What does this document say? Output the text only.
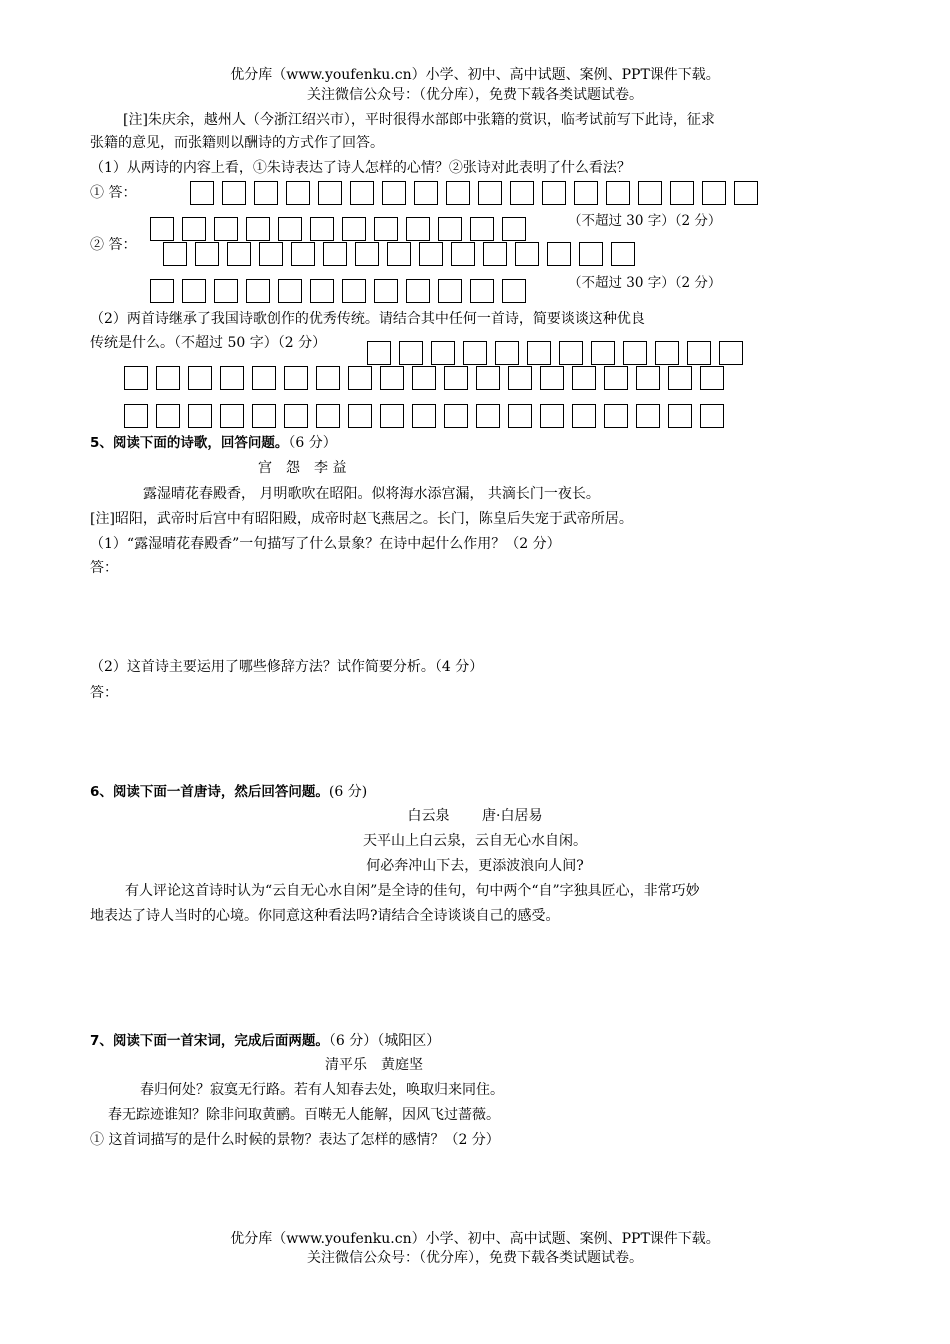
优分库（www.youfenku.cn）小学、初中、高中试题、案例、PPT课件下载。
关注微信公众号：（优分库），免费下载各类试题试卷。
[注]朱庆余，越州人（今浙江绍兴市），平时很得水部郎中张籍的赏识，临考试前写下此诗，征求
张籍的意见，而张籍则以酬诗的方式作了回答。
（1）从两诗的内容上看，①朱诗表达了诗人怎样的心情？②张诗对此表明了什么看法？
① 答：
（不超过 30 字）（2 分）
② 答：
（不超过 30 字）（2 分）
（2）两首诗继承了我国诗歌创作的优秀传统。请结合其中任何一首诗，简要谈谈这种优良
传统是什么。（不超过 50 字）（2 分）
5、阅读下面的诗歌，回答问题。（6 分）
宫　怨　李 益
露湿晴花春殿香， 月明歌吹在昭阳。似将海水添宫漏， 共滴长门一夜长。
[注]昭阳，武帝时后宫中有昭阳殿，成帝时赵飞燕居之。长门，陈皇后失宠于武帝所居。
（1）“露湿晴花春殿香”一句描写了什么景象？在诗中起什么作用？（2 分）
答：
（2）这首诗主要运用了哪些修辞方法？试作简要分析。（4 分）
答：
6、阅读下面一首唐诗，然后回答问题。(6 分)
白云泉　　 唐·白居易
天平山上白云泉，云自无心水自闲。
何必奔冲山下去，更添波浪向人间?
有人评论这首诗时认为“云自无心水自闲”是全诗的佳句，句中两个“自”字独具匠心，非常巧妙
地表达了诗人当时的心境。你同意这种看法吗?请结合全诗谈谈自己的感受。
7、阅读下面一首宋词，完成后面两题。（6 分）（城阳区）
清平乐　黄庭坚
春归何处？寂寞无行路。若有人知春去处，唤取归来同住。
春无踪迹谁知？除非问取黄鹂。百啭无人能解，因风飞过蔷薇。
① 这首词描写的是什么时候的景物？表达了怎样的感情？（2 分）
优分库（www.youfenku.cn）小学、初中、高中试题、案例、PPT课件下载。
关注微信公众号：（优分库），免费下载各类试题试卷。
